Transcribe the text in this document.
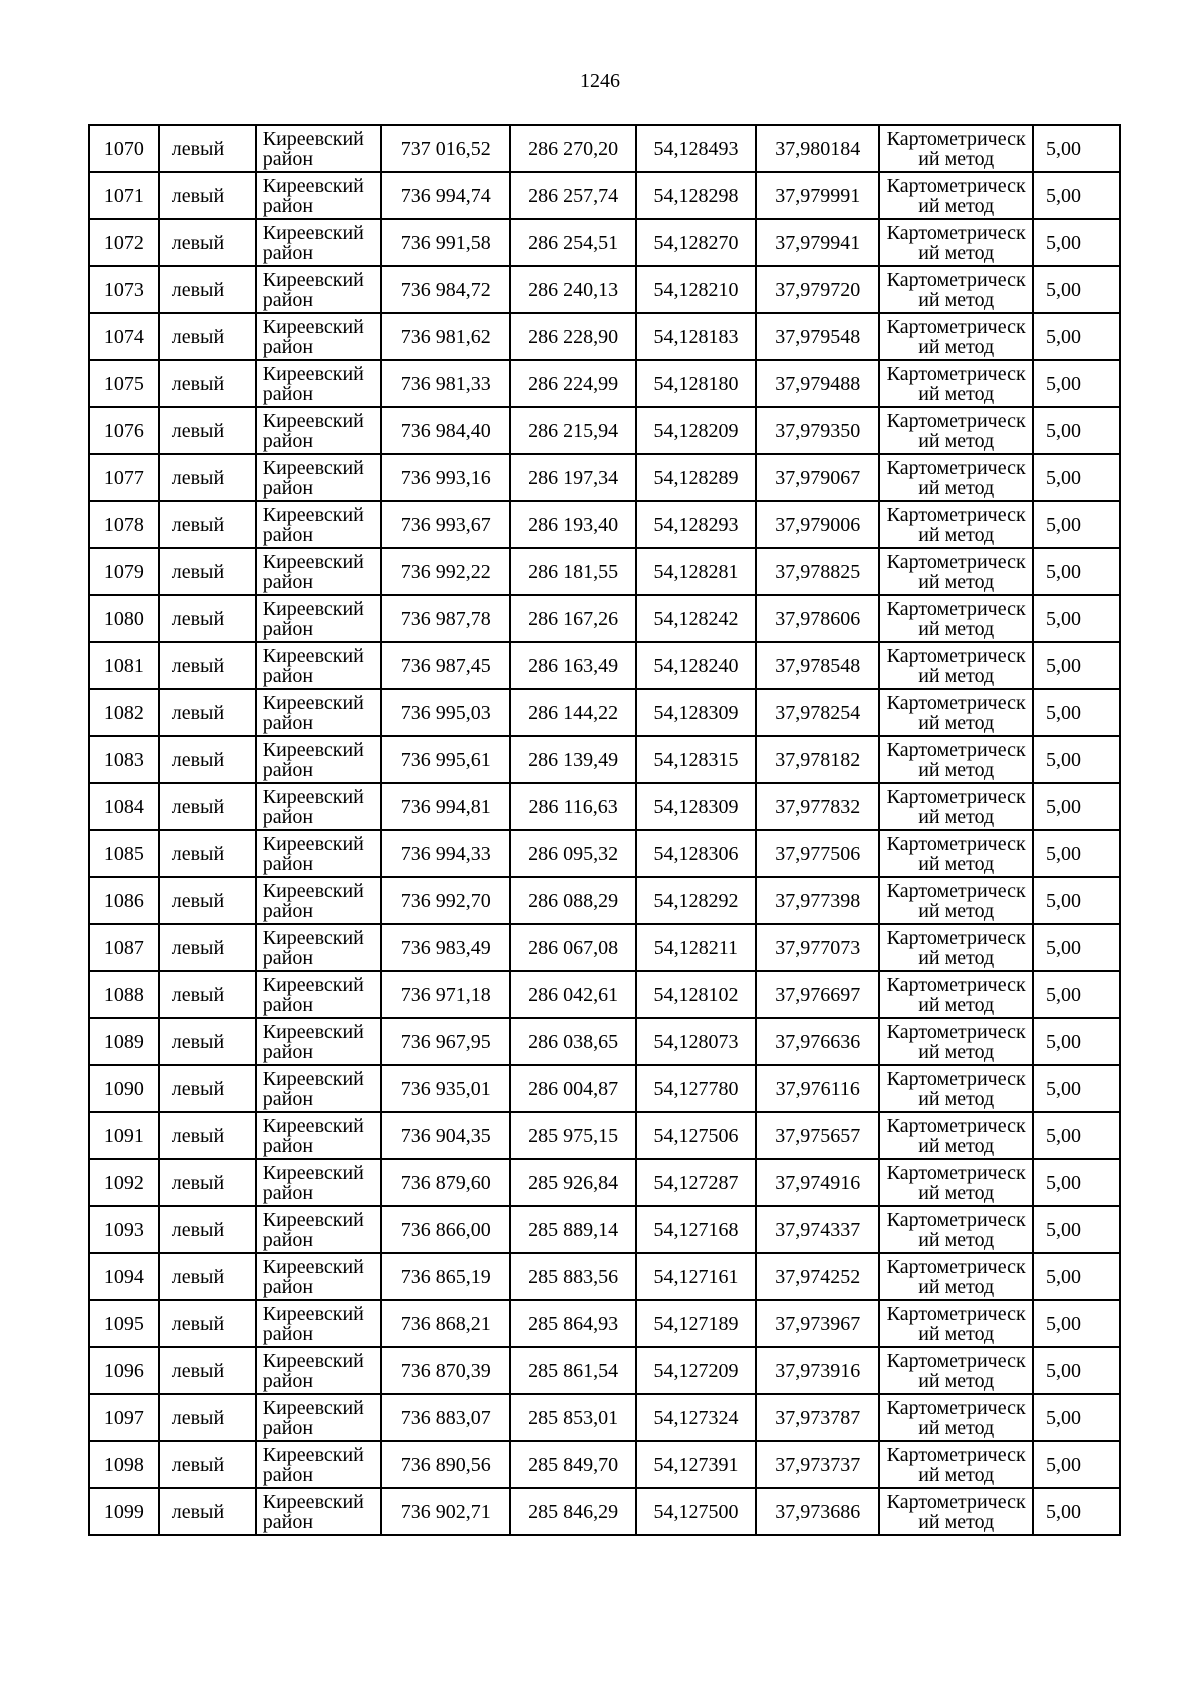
1246
1070	левый	Киреевский район	737 016,52	286 270,20	54,128493	37,980184	Картометрический метод	5,00
1071	левый	Киреевский район	736 994,74	286 257,74	54,128298	37,979991	Картометрический метод	5,00
1072	левый	Киреевский район	736 991,58	286 254,51	54,128270	37,979941	Картометрический метод	5,00
1073	левый	Киреевский район	736 984,72	286 240,13	54,128210	37,979720	Картометрический метод	5,00
1074	левый	Киреевский район	736 981,62	286 228,90	54,128183	37,979548	Картометрический метод	5,00
1075	левый	Киреевский район	736 981,33	286 224,99	54,128180	37,979488	Картометрический метод	5,00
1076	левый	Киреевский район	736 984,40	286 215,94	54,128209	37,979350	Картометрический метод	5,00
1077	левый	Киреевский район	736 993,16	286 197,34	54,128289	37,979067	Картометрический метод	5,00
1078	левый	Киреевский район	736 993,67	286 193,40	54,128293	37,979006	Картометрический метод	5,00
1079	левый	Киреевский район	736 992,22	286 181,55	54,128281	37,978825	Картометрический метод	5,00
1080	левый	Киреевский район	736 987,78	286 167,26	54,128242	37,978606	Картометрический метод	5,00
1081	левый	Киреевский район	736 987,45	286 163,49	54,128240	37,978548	Картометрический метод	5,00
1082	левый	Киреевский район	736 995,03	286 144,22	54,128309	37,978254	Картометрический метод	5,00
1083	левый	Киреевский район	736 995,61	286 139,49	54,128315	37,978182	Картометрический метод	5,00
1084	левый	Киреевский район	736 994,81	286 116,63	54,128309	37,977832	Картометрический метод	5,00
1085	левый	Киреевский район	736 994,33	286 095,32	54,128306	37,977506	Картометрический метод	5,00
1086	левый	Киреевский район	736 992,70	286 088,29	54,128292	37,977398	Картометрический метод	5,00
1087	левый	Киреевский район	736 983,49	286 067,08	54,128211	37,977073	Картометрический метод	5,00
1088	левый	Киреевский район	736 971,18	286 042,61	54,128102	37,976697	Картометрический метод	5,00
1089	левый	Киреевский район	736 967,95	286 038,65	54,128073	37,976636	Картометрический метод	5,00
1090	левый	Киреевский район	736 935,01	286 004,87	54,127780	37,976116	Картометрический метод	5,00
1091	левый	Киреевский район	736 904,35	285 975,15	54,127506	37,975657	Картометрический метод	5,00
1092	левый	Киреевский район	736 879,60	285 926,84	54,127287	37,974916	Картометрический метод	5,00
1093	левый	Киреевский район	736 866,00	285 889,14	54,127168	37,974337	Картометрический метод	5,00
1094	левый	Киреевский район	736 865,19	285 883,56	54,127161	37,974252	Картометрический метод	5,00
1095	левый	Киреевский район	736 868,21	285 864,93	54,127189	37,973967	Картометрический метод	5,00
1096	левый	Киреевский район	736 870,39	285 861,54	54,127209	37,973916	Картометрический метод	5,00
1097	левый	Киреевский район	736 883,07	285 853,01	54,127324	37,973787	Картометрический метод	5,00
1098	левый	Киреевский район	736 890,56	285 849,70	54,127391	37,973737	Картометрический метод	5,00
1099	левый	Киреевский район	736 902,71	285 846,29	54,127500	37,973686	Картометрический метод	5,00
